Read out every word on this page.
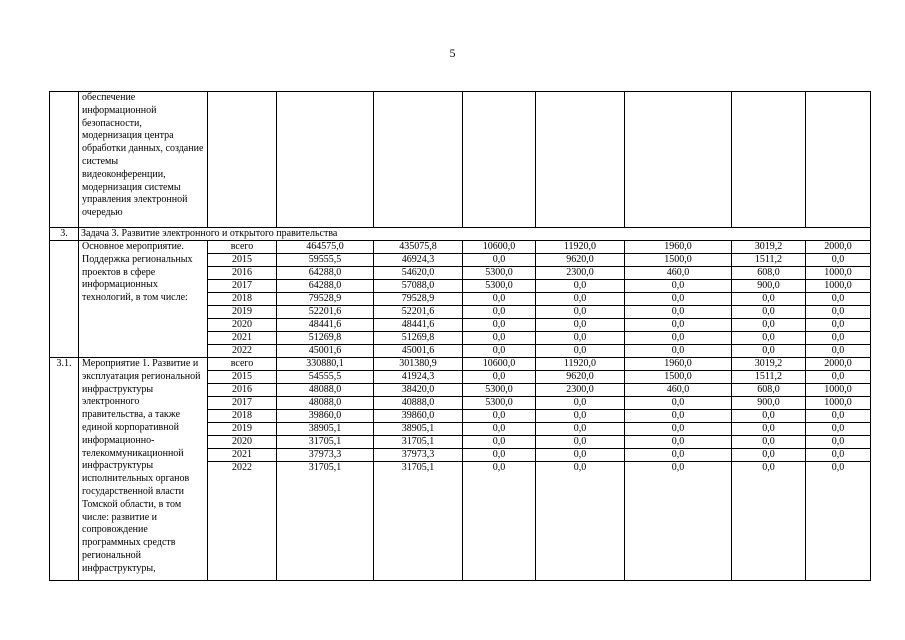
5
	обеспечение информационной безопасности, модернизация центра обработки данных, создание системы видеоконференции, модернизация системы управления электронной очередью								
3.	Задача 3. Развитие электронного и открытого правительства								
	Основное мероприятие. Поддержка региональных проектов в сфере информационных технологий, в том числе:	всего	464575,0	435075,8	10600,0	11920,0	1960,0	3019,2	2000,0
		2015	59555,5	46924,3	0,0	9620,0	1500,0	1511,2	0,0
		2016	64288,0	54620,0	5300,0	2300,0	460,0	608,0	1000,0
		2017	64288,0	57088,0	5300,0	0,0	0,0	900,0	1000,0
		2018	79528,9	79528,9	0,0	0,0	0,0	0,0	0,0
		2019	52201,6	52201,6	0,0	0,0	0,0	0,0	0,0
		2020	48441,6	48441,6	0,0	0,0	0,0	0,0	0,0
		2021	51269,8	51269,8	0,0	0,0	0,0	0,0	0,0
		2022	45001,6	45001,6	0,0	0,0	0,0	0,0	0,0
3.1.	Мероприятие 1. Развитие и эксплуатация региональной инфраструктуры электронного правительства, а также единой корпоративной информационно-телекоммуникационной инфраструктуры исполнительных органов государственной власти Томской области, в том числе: развитие и сопровождение программных средств региональной инфраструктуры,	всего	330880,1	301380,9	10600,0	11920,0	1960,0	3019,2	2000,0
		2015	54555,5	41924,3	0,0	9620,0	1500,0	1511,2	0,0
		2016	48088,0	38420,0	5300,0	2300,0	460,0	608,0	1000,0
		2017	48088,0	40888,0	5300,0	0,0	0,0	900,0	1000,0
		2018	39860,0	39860,0	0,0	0,0	0,0	0,0	0,0
		2019	38905,1	38905,1	0,0	0,0	0,0	0,0	0,0
		2020	31705,1	31705,1	0,0	0,0	0,0	0,0	0,0
		2021	37973,3	37973,3	0,0	0,0	0,0	0,0	0,0
		2022	31705,1	31705,1	0,0	0,0	0,0	0,0	0,0
